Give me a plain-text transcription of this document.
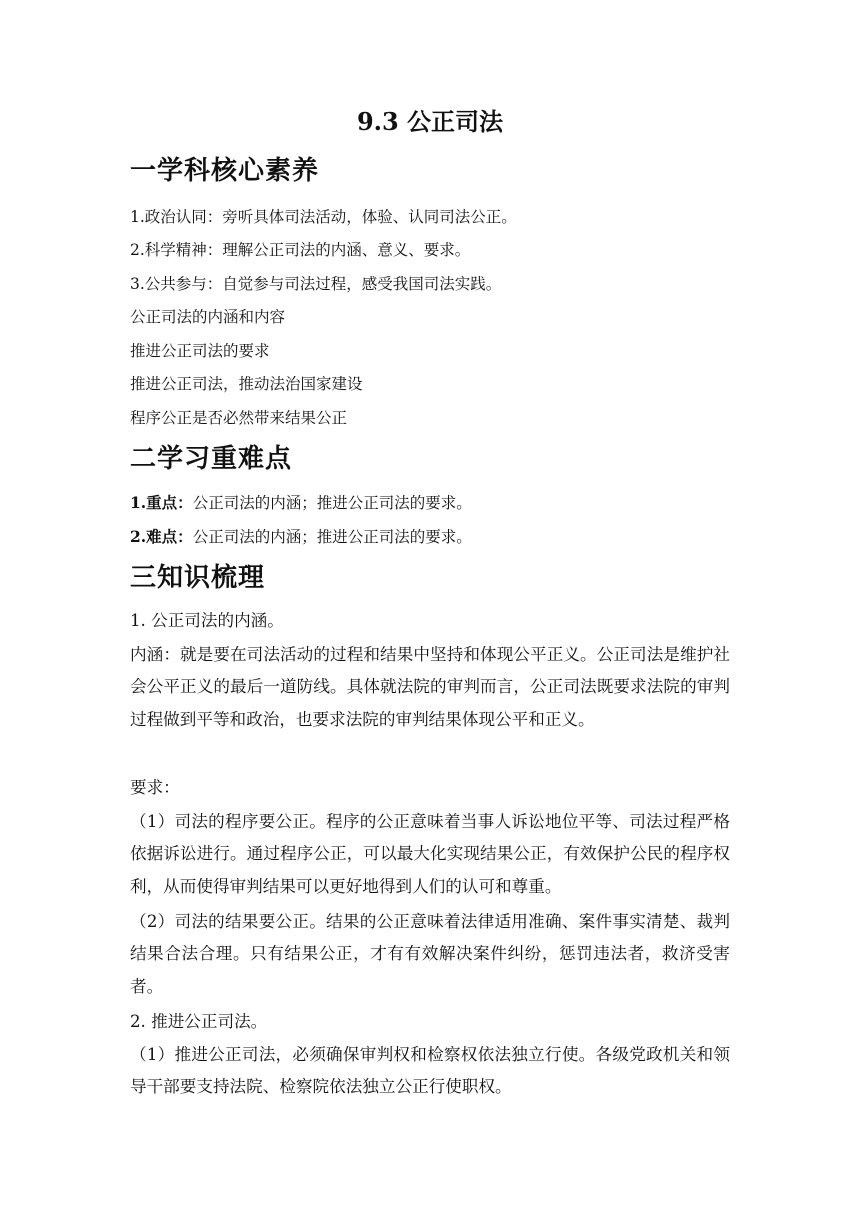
9.3 公正司法
一学科核心素养
1.政治认同：旁听具体司法活动，体验、认同司法公正。
2.科学精神：理解公正司法的内涵、意义、要求。
3.公共参与：自觉参与司法过程，感受我国司法实践。
公正司法的内涵和内容
推进公正司法的要求
推进公正司法，推动法治国家建设
程序公正是否必然带来结果公正
二学习重难点
1.重点：公正司法的内涵；推进公正司法的要求。
2.难点：公正司法的内涵；推进公正司法的要求。
三知识梳理
1. 公正司法的内涵。
内涵：就是要在司法活动的过程和结果中坚持和体现公平正义。公正司法是维护社会公平正义的最后一道防线。具体就法院的审判而言，公正司法既要求法院的审判过程做到平等和政治，也要求法院的审判结果体现公平和正义。
要求：
（1）司法的程序要公正。程序的公正意味着当事人诉讼地位平等、司法过程严格依据诉讼进行。通过程序公正，可以最大化实现结果公正，有效保护公民的程序权利，从而使得审判结果可以更好地得到人们的认可和尊重。
（2）司法的结果要公正。结果的公正意味着法律适用准确、案件事实清楚、裁判结果合法合理。只有结果公正，才有有效解决案件纠纷，惩罚违法者，救济受害者。
2. 推进公正司法。
（1）推进公正司法，必须确保审判权和检察权依法独立行使。各级党政机关和领导干部要支持法院、检察院依法独立公正行使职权。
